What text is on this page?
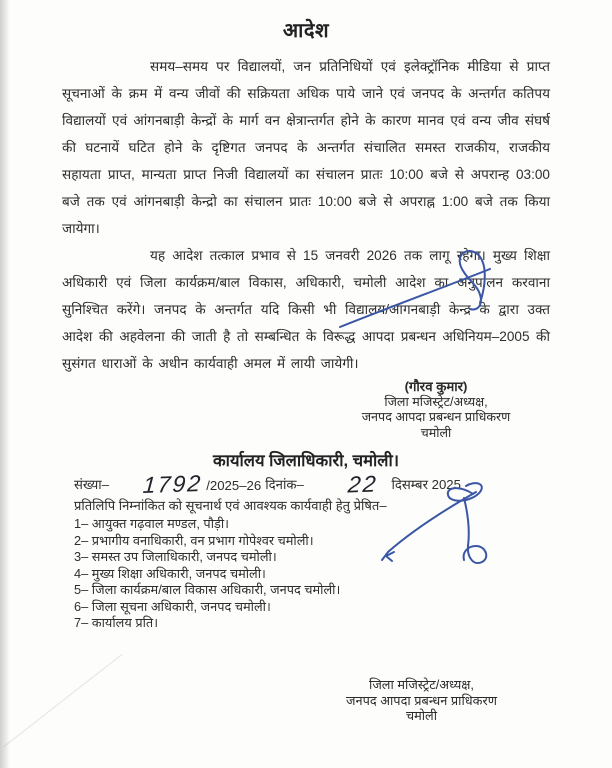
आदेश

समय–समय पर विद्यालयों, जन प्रतिनिधियों एवं इलेक्ट्रॉनिक मीडिया से प्राप्त सूचनाओं के क्रम में वन्य जीवों की सक्रियता अधिक पाये जाने एवं जनपद के अन्तर्गत कतिपय विद्यालयों एवं आंगनबाड़ी केन्द्रों के मार्ग वन क्षेत्रान्तर्गत होने के कारण मानव एवं वन्य जीव संघर्ष की घटनायें घटित होने के दृष्टिगत जनपद के अन्तर्गत संचालित समस्त राजकीय, राजकीय सहायता प्राप्त, मान्यता प्राप्त निजी विद्यालयों का संचालन प्रातः 10:00 बजे से अपरान्ह 03:00 बजे तक एवं आंगनबाड़ी केन्द्रो का संचालन प्रातः 10:00 बजे से अपराह्न 1:00 बजे तक किया जायेगा।

यह आदेश तत्काल प्रभाव से 15 जनवरी 2026 तक लागू रहेगा। मुख्य शिक्षा अधिकारी एवं जिला कार्यक्रम/बाल विकास, अधिकारी, चमोली आदेश का अनुपालन करवाना सुनिश्चित करेंगे। जनपद के अन्तर्गत यदि किसी भी विद्यालय/आंगनबाड़ी केन्द्र के द्वारा उक्त आदेश की अहवेलना की जाती है तो सम्बन्धित के विरूद्ध आपदा प्रबन्धन अधिनियम–2005 की सुसंगत धाराओं के अधीन कार्यवाही अमल में लायी जायेगी।

(गौरव कुमार)
जिला मजिस्ट्रेट/अध्यक्ष,
जनपद आपदा प्रबन्धन प्राधिकरण
चमोली
कार्यालय जिलाधिकारी, चमोली।
संख्या– 1792 /2025–26 दिनांक– 22 दिसम्बर 2025
प्रतिलिपि निम्नांकित को सूचनार्थ एवं आवश्यक कार्यवाही हेतु प्रेषित–
1– आयुक्त गढ़वाल मण्डल, पौड़ी।
2– प्रभागीय वनाधिकारी, वन प्रभाग गोपेश्वर चमोली।
3– समस्त उप जिलाधिकारी, जनपद चमोली।
4– मुख्य शिक्षा अधिकारी, जनपद चमोली।
5– जिला कार्यक्रम/बाल विकास अधिकारी, जनपद चमोली।
6– जिला सूचना अधिकारी, जनपद चमोली।
7– कार्यालय प्रति।
जिला मजिस्ट्रेट/अध्यक्ष,
जनपद आपदा प्रबन्धन प्राधिकरण
चमोली
